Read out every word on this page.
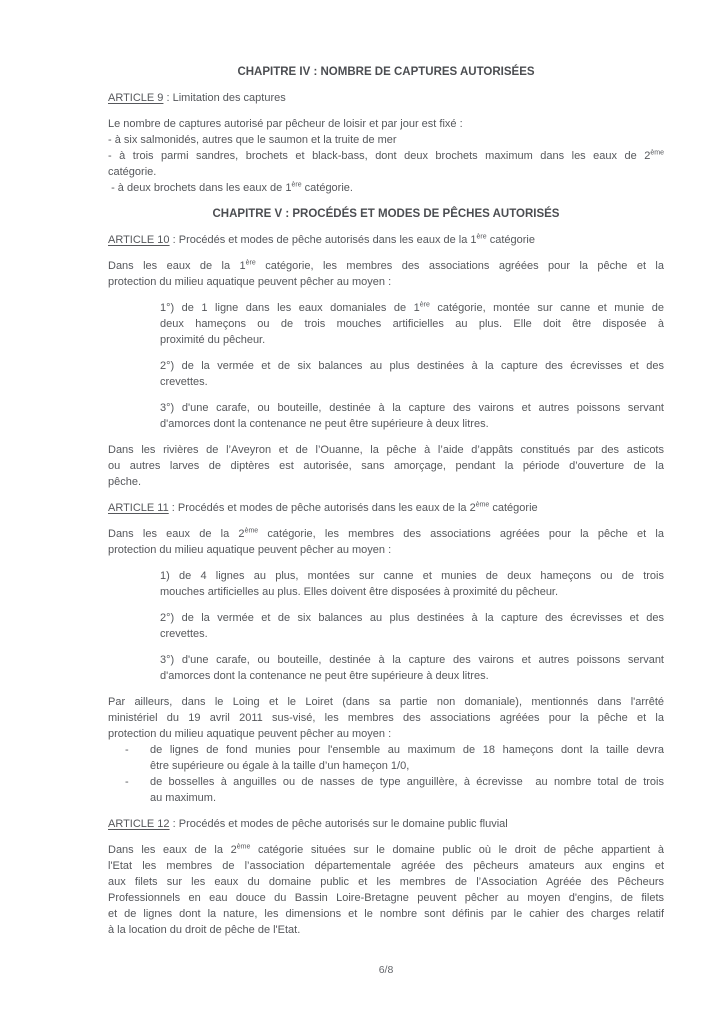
CHAPITRE IV : NOMBRE DE CAPTURES AUTORISÉES
ARTICLE 9 : Limitation des captures
Le nombre de captures autorisé par pêcheur de loisir et par jour est fixé :
- à six salmonidés, autres que le saumon et la truite de mer
- à trois parmi sandres, brochets et black-bass, dont deux brochets maximum dans les eaux de 2ème
catégorie.
- à deux brochets dans les eaux de 1ère catégorie.
CHAPITRE V : PROCÉDÉS ET MODES DE PÊCHES AUTORISÉS
ARTICLE 10 : Procédés et modes de pêche autorisés dans les eaux de la 1ère catégorie
Dans les eaux de la 1ère catégorie, les membres des associations agréées pour la pêche et la
protection du milieu aquatique peuvent pêcher au moyen :
1°) de 1 ligne dans les eaux domaniales de 1ère catégorie, montée sur canne et munie de
deux hameçons ou de trois mouches artificielles au plus. Elle doit être disposée à
proximité du pêcheur.
2°) de la vermée et de six balances au plus destinées à la capture des écrevisses et des
crevettes.
3°) d'une carafe, ou bouteille, destinée à la capture des vairons et autres poissons servant
d'amorces dont la contenance ne peut être supérieure à deux litres.
Dans les rivières de l’Aveyron et de l’Ouanne, la pêche à l’aide d’appâts constitués par des asticots
ou autres larves de diptères est autorisée, sans amorçage, pendant la période d’ouverture de la
pêche.
ARTICLE 11 : Procédés et modes de pêche autorisés dans les eaux de la 2ème catégorie
Dans les eaux de la 2ème catégorie, les membres des associations agréées pour la pêche et la
protection du milieu aquatique peuvent pêcher au moyen :
1) de 4 lignes au plus, montées sur canne et munies de deux hameçons ou de trois
mouches artificielles au plus. Elles doivent être disposées à proximité du pêcheur.
2°) de la vermée et de six balances au plus destinées à la capture des écrevisses et des
crevettes.
3°) d'une carafe, ou bouteille, destinée à la capture des vairons et autres poissons servant
d'amorces dont la contenance ne peut être supérieure à deux litres.
Par ailleurs, dans le Loing et le Loiret (dans sa partie non domaniale), mentionnés dans l'arrêté
ministériel du 19 avril 2011 sus-visé, les membres des associations agréées pour la pêche et la
protection du milieu aquatique peuvent pêcher au moyen :
- de lignes de fond munies pour l'ensemble au maximum de 18 hameçons dont la taille devra
être supérieure ou égale à la taille d’un hameçon 1/0,
- de bosselles à anguilles ou de nasses de type anguillère, à écrevisse  au nombre total de trois
au maximum.
ARTICLE 12 : Procédés et modes de pêche autorisés sur le domaine public fluvial
Dans les eaux de la 2ème catégorie situées sur le domaine public où le droit de pêche appartient à
l'Etat les membres de l’association départementale agréée des pêcheurs amateurs aux engins et
aux filets sur les eaux du domaine public et les membres de l’Association Agréée des Pêcheurs
Professionnels en eau douce du Bassin Loire-Bretagne peuvent pêcher au moyen d'engins, de filets
et de lignes dont la nature, les dimensions et le nombre sont définis par le cahier des charges relatif
à la location du droit de pêche de l'Etat.
6/8
